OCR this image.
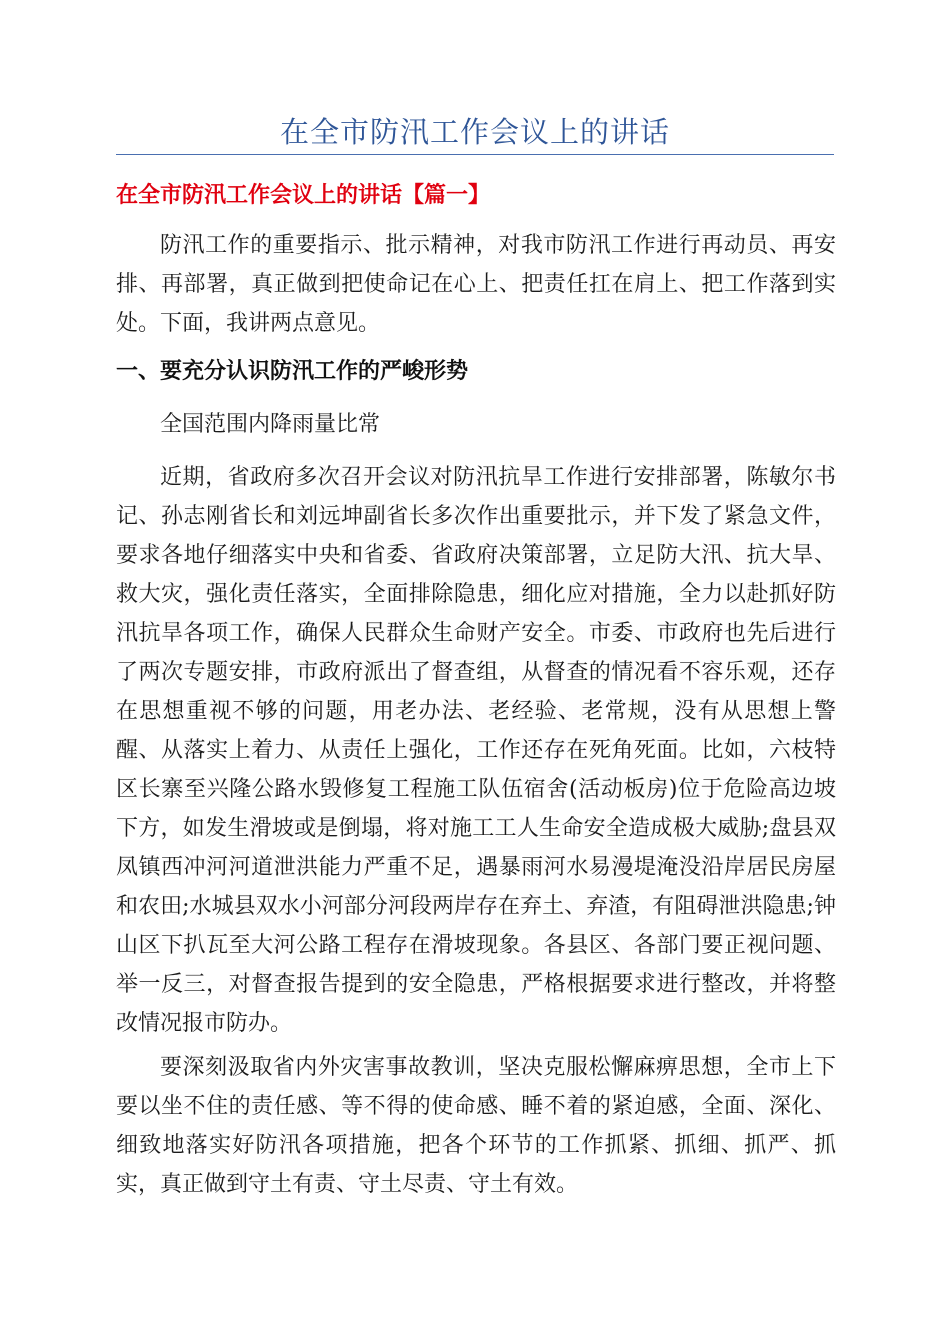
在全市防汛工作会议上的讲话
在全市防汛工作会议上的讲话【篇一】

防汛工作的重要指示、批示精神，对我市防汛工作进行再动员、再安排、再部署，真正做到把使命记在心上、把责任扛在肩上、把工作落到实处。下面，我讲两点意见。

一、要充分认识防汛工作的严峻形势

全国范围内降雨量比常

近期，省政府多次召开会议对防汛抗旱工作进行安排部署，陈敏尔书记、孙志刚省长和刘远坤副省长多次作出重要批示，并下发了紧急文件，要求各地仔细落实中央和省委、省政府决策部署，立足防大汛、抗大旱、救大灾，强化责任落实，全面排除隐患，细化应对措施，全力以赴抓好防汛抗旱各项工作，确保人民群众生命财产安全。市委、市政府也先后进行了两次专题安排，市政府派出了督查组，从督查的情况看不容乐观，还存在思想重视不够的问题，用老办法、老经验、老常规，没有从思想上警醒、从落实上着力、从责任上强化，工作还存在死角死面。比如，六枝特区长寨至兴隆公路水毁修复工程施工队伍宿舍(活动板房)位于危险高边坡下方，如发生滑坡或是倒塌，将对施工工人生命安全造成极大威胁;盘县双凤镇西冲河河道泄洪能力严重不足，遇暴雨河水易漫堤淹没沿岸居民房屋和农田;水城县双水小河部分河段两岸存在弃土、弃渣，有阻碍泄洪隐患;钟山区下扒瓦至大河公路工程存在滑坡现象。各县区、各部门要正视问题、举一反三，对督查报告提到的安全隐患，严格根据要求进行整改，并将整改情况报市防办。

要深刻汲取省内外灾害事故教训，坚决克服松懈麻痹思想，全市上下要以坐不住的责任感、等不得的使命感、睡不着的紧迫感，全面、深化、细致地落实好防汛各项措施，把各个环节的工作抓紧、抓细、抓严、抓实，真正做到守土有责、守土尽责、守土有效。
